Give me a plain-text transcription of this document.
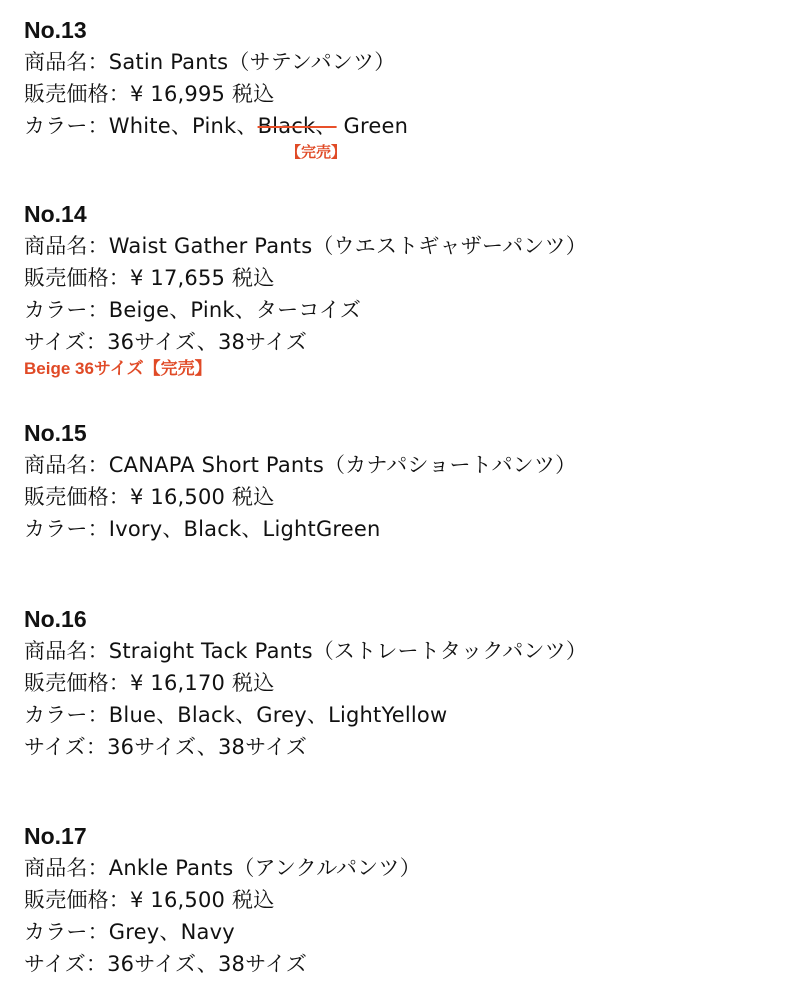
No.13
商品名：Satin Pants（サテンパンツ）
販売価格：¥ 16,995 税込
カラー：White、Pink、Black、 Green
【完売】
No.14
商品名：Waist Gather Pants（ウエストギャザーパンツ）
販売価格：¥ 17,655 税込
カラー：Beige、Pink、ターコイズ
サイズ：36サイズ、38サイズ
Beige 36サイズ【完売】
No.15
商品名：CANAPA Short Pants（カナパショートパンツ）
販売価格：¥ 16,500 税込
カラー：Ivory、Black、LightGreen
No.16
商品名：Straight Tack Pants（ストレートタックパンツ）
販売価格：¥ 16,170 税込
カラー：Blue、Black、Grey、LightYellow
サイズ：36サイズ、38サイズ
No.17
商品名：Ankle Pants（アンクルパンツ）
販売価格：¥ 16,500 税込
カラー：Grey、Navy
サイズ：36サイズ、38サイズ
